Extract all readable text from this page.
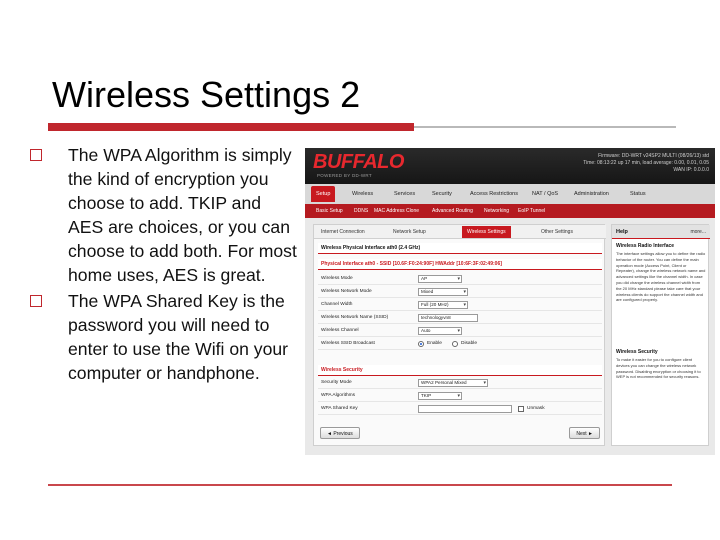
Wireless Settings 2
The WPA Algorithm is simply the kind of encryption you choose to add. TKIP and AES are choices, or you can choose to add both. For most home uses, AES is great.
The WPA Shared Key is the password you will need to enter to use the Wifi on your computer or handphone.
BUFFALO
POWERED BY DD-WRT
Firmware: DD-WRT v24SP2 MULTI (08/26/13) std
Time: 08:13:22 up 17 min, load average: 0.00, 0.01, 0.05
WAN IP: 0.0.0.0
Setup	Wireless	Services	Security	Access Restrictions	NAT / QoS	Administration	Status
Basic Setup	DDNS	MAC Address Clone	Advanced Routing	Networking	EoIP Tunnel
Internet Connection	Network Setup	Wireless Settings	Other Settings
Wireless Physical Interface ath0 (2.4 GHz)
Physical Interface ath0 - SSID [10.6F:F0:24:90F] HWAddr [10:6F:3F:02:49:06]
Wireless Mode	AP ▾
Wireless Network Mode	Mixed ▾
Channel Width	Full (20 MHz) ▾
Wireless Network Name (SSID)	technologyvn8
Wireless Channel	Auto ▾
Wireless SSID Broadcast	Enable	Disable
Wireless Security
Security Mode	WPA2 Personal Mixed ▾
WPA Algorithms	TKIP ▾
WPA Shared Key	Unmask
◄ Previous	Next ►
Help	more...
Wireless Radio Interface
The interface settings allow you to define the radio behavior of the router. You can define the main operation mode (Access Point, Client or Repeater), change the wireless network name and advanced settings like the channel width. In case you did change the wireless channel width from the 20 MHz standard please take care that your wireless clients do support the channel width and are configured properly.
Wireless Security
To make it easier for you to configure client devices you can change the wireless network password. Disabling encryption or choosing it to WEP is not recommended for security reasons.
